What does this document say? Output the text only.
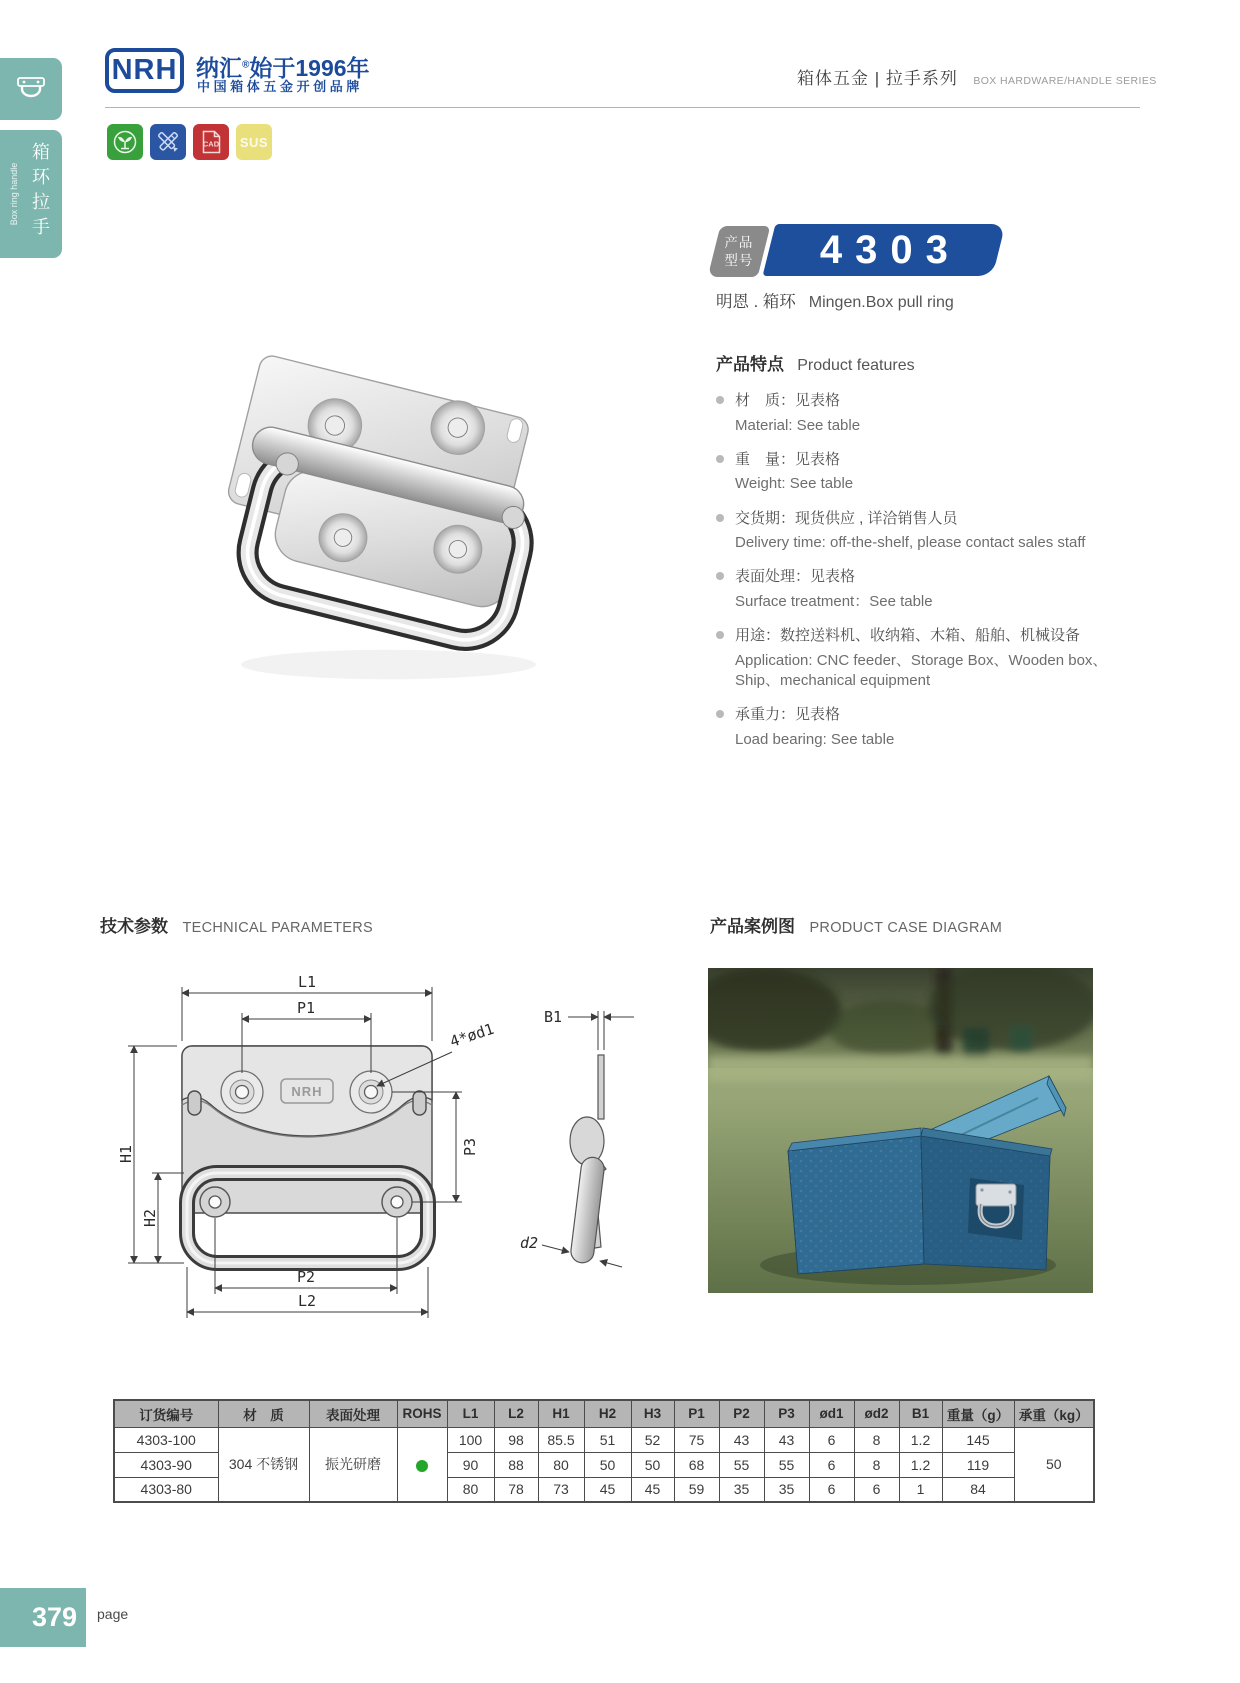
Box ring handle 箱环拉手
NRH 纳汇®始于1996年
中国箱体五金开创品牌	箱体五金 | 拉手系列 BOX HARDWARE/HANDLE SERIES
CAD SUS
产品型号	4303
明恩 . 箱环 Mingen.Box pull ring
产品特点 Product features
材　质：见表格
Material: See table
重　量：见表格
Weight: See table
交货期：现货供应 , 详洽销售人员
Delivery time: off-the-shelf, please contact sales staff
表面处理：见表格
Surface treatment：See table
用途：数控送料机、收纳箱、木箱、船舶、机械设备
Application: CNC feeder、Storage Box、Wooden box、Ship、mechanical equipment
承重力：见表格
Load bearing: See table
技术参数 TECHNICAL PARAMETERS	产品案例图 PRODUCT CASE DIAGRAM
NRH
L1
P1
H1
H2
P3
P2
L2
4*ød1
B1
d2
订货编号	材　质	表面处理	ROHS	L1	L2	H1	H2	H3	P1	P2	P3	ød1	ød2	B1	重量（g）	承重（kg）
4303-100	304 不锈钢	振光研磨		100	98	85.5	51	52	75	43	43	6	8	1.2	145	50
4303-90				90	88	80	50	50	68	55	55	6	8	1.2	119	
4303-80				80	78	73	45	45	59	35	35	6	6	1	84	
379 page
